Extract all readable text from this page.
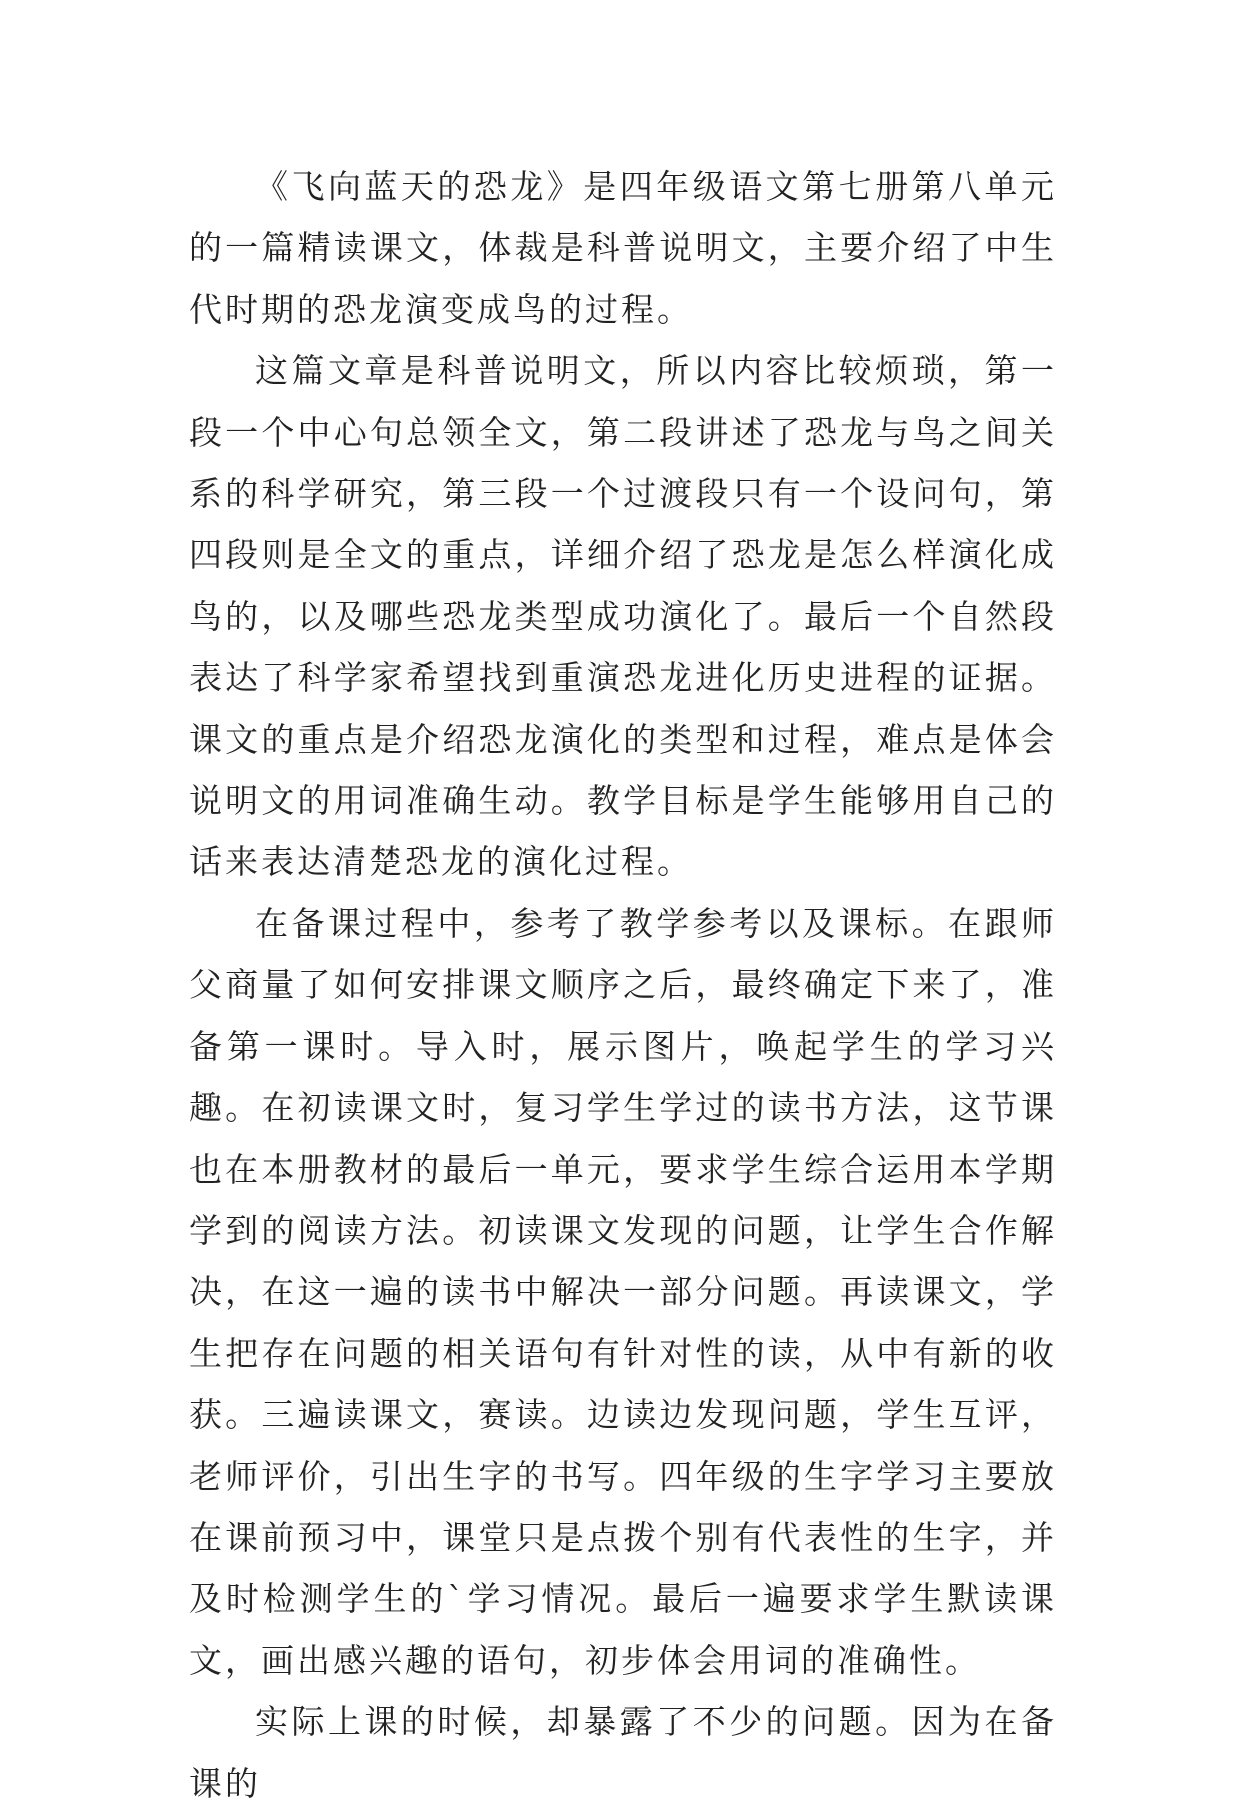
《飞向蓝天的恐龙》是四年级语文第七册第八单元的一篇精读课文，体裁是科普说明文，主要介绍了中生代时期的恐龙演变成鸟的过程。

这篇文章是科普说明文，所以内容比较烦琐，第一段一个中心句总领全文，第二段讲述了恐龙与鸟之间关系的科学研究，第三段一个过渡段只有一个设问句，第四段则是全文的重点，详细介绍了恐龙是怎么样演化成鸟的，以及哪些恐龙类型成功演化了。最后一个自然段表达了科学家希望找到重演恐龙进化历史进程的证据。课文的重点是介绍恐龙演化的类型和过程，难点是体会说明文的用词准确生动。教学目标是学生能够用自己的话来表达清楚恐龙的演化过程。

在备课过程中，参考了教学参考以及课标。在跟师父商量了如何安排课文顺序之后，最终确定下来了，准备第一课时。导入时，展示图片，唤起学生的学习兴趣。在初读课文时，复习学生学过的读书方法，这节课也在本册教材的最后一单元，要求学生综合运用本学期学到的阅读方法。初读课文发现的问题，让学生合作解决，在这一遍的读书中解决一部分问题。再读课文，学生把存在问题的相关语句有针对性的读，从中有新的收获。三遍读课文，赛读。边读边发现问题，学生互评，老师评价，引出生字的书写。四年级的生字学习主要放在课前预习中，课堂只是点拨个别有代表性的生字，并及时检测学生的`学习情况。最后一遍要求学生默读课文，画出感兴趣的语句，初步体会用词的准确性。

实际上课的时候，却暴露了不少的问题。因为在备课的
